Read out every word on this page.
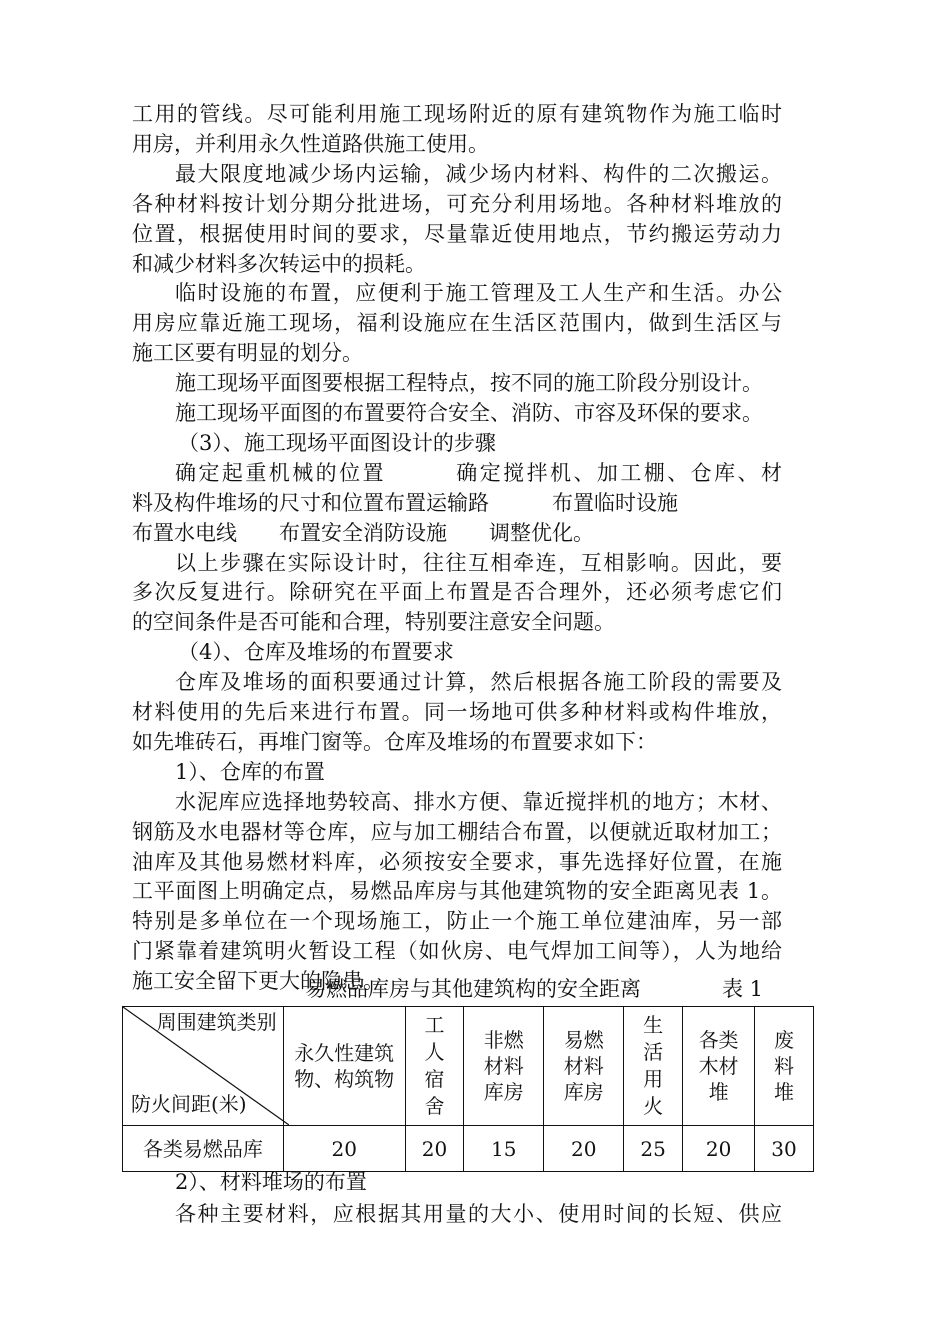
工用的管线。尽可能利用施工现场附近的原有建筑物作为施工临时
用房，并利用永久性道路供施工使用。
最大限度地减少场内运输，减少场内材料、构件的二次搬运。
各种材料按计划分期分批进场，可充分利用场地。各种材料堆放的
位置，根据使用时间的要求，尽量靠近使用地点，节约搬运劳动力
和减少材料多次转运中的损耗。
临时设施的布置，应便利于施工管理及工人生产和生活。办公
用房应靠近施工现场，福利设施应在生活区范围内，做到生活区与
施工区要有明显的划分。
施工现场平面图要根据工程特点，按不同的施工阶段分别设计。
施工现场平面图的布置要符合安全、消防、市容及环保的要求。
（3）、施工现场平面图设计的步骤
确定起重机械的位置　　　确定搅拌机、加工棚、仓库、材
料及构件堆场的尺寸和位置布置运输路　　　布置临时设施
布置水电线　　布置安全消防设施　　调整优化。
以上步骤在实际设计时，往往互相牵连，互相影响。因此，要
多次反复进行。除研究在平面上布置是否合理外，还必须考虑它们
的空间条件是否可能和合理，特别要注意安全问题。
（4）、仓库及堆场的布置要求
仓库及堆场的面积要通过计算，然后根据各施工阶段的需要及
材料使用的先后来进行布置。同一场地可供多种材料或构件堆放，
如先堆砖石，再堆门窗等。仓库及堆场的布置要求如下：
1）、仓库的布置
水泥库应选择地势较高、排水方便、靠近搅拌机的地方；木材、
钢筋及水电器材等仓库，应与加工棚结合布置，以便就近取材加工；
油库及其他易燃材料库，必须按安全要求，事先选择好位置，在施
工平面图上明确定点，易燃品库房与其他建筑物的安全距离见表 1。
特别是多单位在一个现场施工，防止一个施工单位建油库，另一部
门紧靠着建筑明火暂设工程（如伙房、电气焊加工间等），人为地给
施工安全留下更大的隐患。
易燃品库房与其他建筑构的安全距离	表 1
周围建筑类别
防火间距(米)	永久性建筑物、构筑物	工人宿舍	非燃材料库房	易燃材料库房	生活用火	各类木材堆	废料堆
各类易燃品库	20	20	15	20	25	20	30
2）、材料堆场的布置
各种主要材料，应根据其用量的大小、使用时间的长短、供应
